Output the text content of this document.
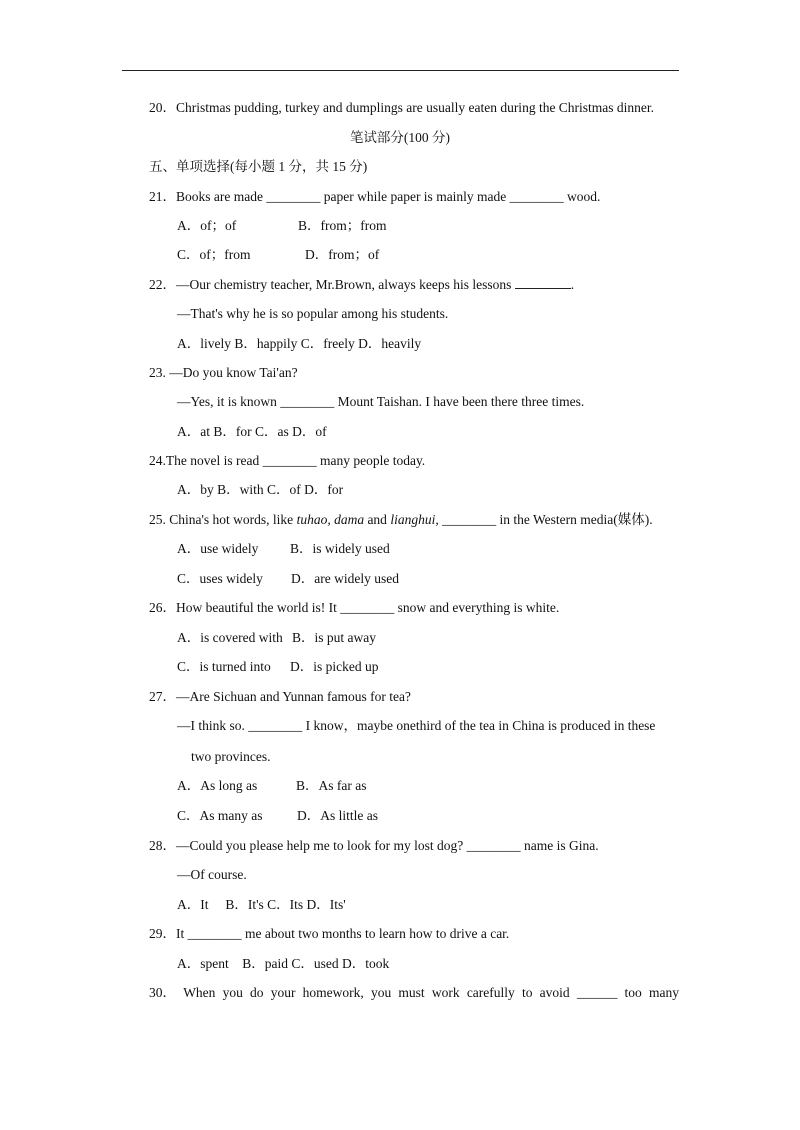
20．Christmas pudding, turkey and dumplings are usually eaten during the Christmas dinner.
笔试部分(100 分)
五、单项选择(每小题 1 分，共 15 分)
21．Books are made ________ paper while paper is mainly made ________ wood.
A．of；of	B．from；from
C．of；from	D．from；of
22．—Our chemistry teacher, Mr.Brown, always keeps his lessons	.
—That's why he is so popular among his students.
A．lively B．happily C．freely D．heavily
23. —Do you know Tai'an?
—Yes, it is known ________ Mount Taishan. I have been there three times.
A．at B．for C．as D．of
24.The novel is read ________ many people today.
A．by B．with C．of D．for
25. China's hot words, like tuhao, dama and lianghui, ________ in the Western media(媒体).
A．use widely B．is widely used
C．uses widely D．are widely used
26．How beautiful the world is! It ________ snow and everything is white.
A．is covered with B．is put away
C．is turned into D．is picked up
27．—Are Sichuan and Yunnan famous for tea?
—I think so. ________ I know，maybe onethird of the tea in China is produced in these
two provinces.
A．As long as	B．As far as
C．As many as	D．As little as
28．—Could you please help me to look for my lost dog? ________ name is Gina.
—Of course.
A．It　 B．It's C．Its D．Its'
29．It ________ me about two months to learn how to drive a car.
A．spent　B．paid C．used D．took
30． When you do your homework, you must work carefully to avoid ______ too many
